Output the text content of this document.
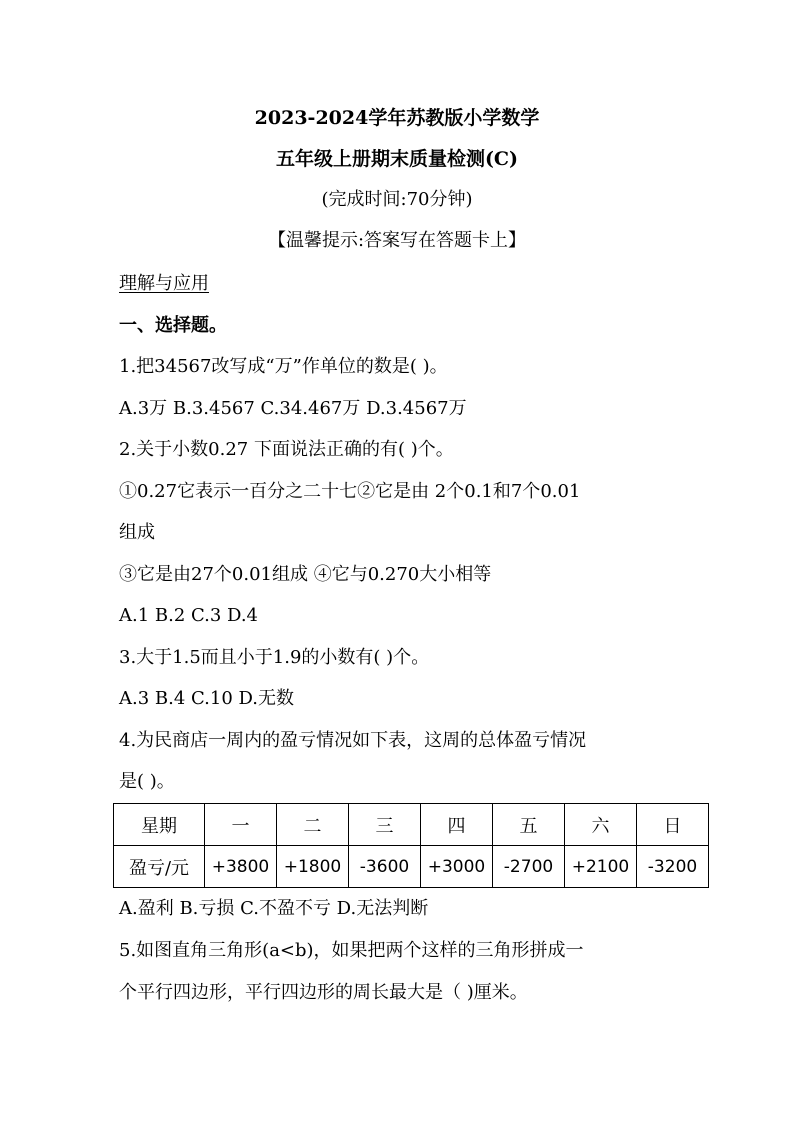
2023-2024学年苏教版小学数学
五年级上册期末质量检测(C)
(完成时间:70分钟)
【温馨提示:答案写在答题卡上】
理解与应用
一、选择题。
1.把34567改写成“万”作单位的数是( )。
A.3万 B.3.4567 C.34.467万 D.3.4567万
2.关于小数0.27 下面说法正确的有( )个。
①0.27它表示一百分之二十七②它是由 2个0.1和7个0.01
组成
③它是由27个0.01组成 ④它与0.270大小相等
A.1 B.2 C.3 D.4
3.大于1.5而且小于1.9的小数有( )个。
A.3 B.4 C.10 D.无数
4.为民商店一周内的盈亏情况如下表，这周的总体盈亏情况
是( )。
星期	一	二	三	四	五	六	日
盈亏/元	+3800	+1800	-3600	+3000	-2700	+2100	-3200
A.盈利 B.亏损 C.不盈不亏 D.无法判断
5.如图直角三角形(a<b)，如果把两个这样的三角形拼成一
个平行四边形，平行四边形的周长最大是（ )厘米。
